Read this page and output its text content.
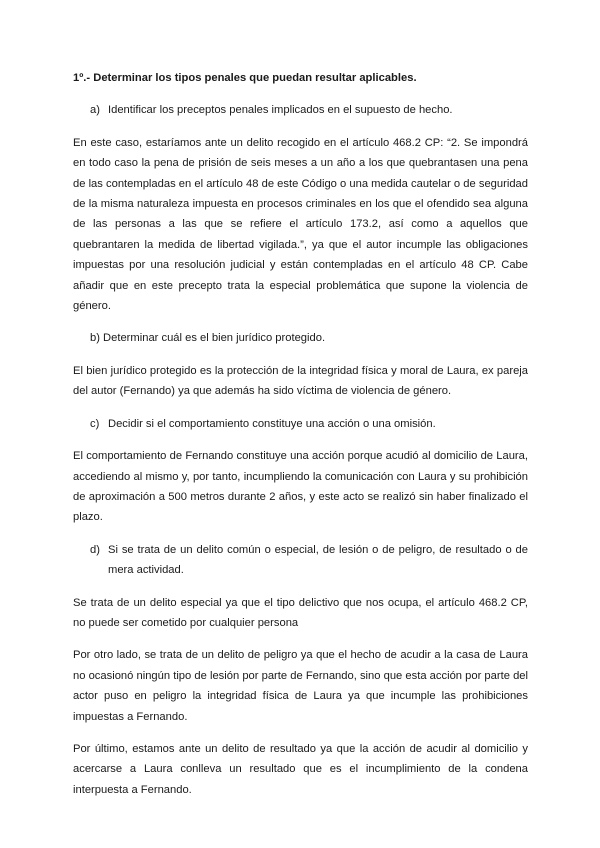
1º.- Determinar los tipos penales que puedan resultar aplicables.
a) Identificar los preceptos penales implicados en el supuesto de hecho.

En este caso, estaríamos ante un delito recogido en el artículo 468.2 CP: “2. Se impondrá en todo caso la pena de prisión de seis meses a un año a los que quebrantasen una pena de las contempladas en el artículo 48 de este Código o una medida cautelar o de seguridad de la misma naturaleza impuesta en procesos criminales en los que el ofendido sea alguna de las personas a las que se refiere el artículo 173.2, así como a aquellos que quebrantaren la medida de libertad vigilada.”, ya que el autor incumple las obligaciones impuestas por una resolución judicial y están contempladas en el artículo 48 CP. Cabe añadir que en este precepto trata la especial problemática que supone la violencia de género.

b) Determinar cuál es el bien jurídico protegido.

El bien jurídico protegido es la protección de la integridad física y moral de Laura, ex pareja del autor (Fernando) ya que además ha sido víctima de violencia de género.

c) Decidir si el comportamiento constituye una acción o una omisión.

El comportamiento de Fernando constituye una acción porque acudió al domicilio de Laura, accediendo al mismo y, por tanto, incumpliendo la comunicación con Laura y su prohibición de aproximación a 500 metros durante 2 años, y este acto se realizó sin haber finalizado el plazo.

d) Si se trata de un delito común o especial, de lesión o de peligro, de resultado o de mera actividad.

Se trata de un delito especial ya que el tipo delictivo que nos ocupa, el artículo 468.2 CP, no puede ser cometido por cualquier persona

Por otro lado, se trata de un delito de peligro ya que el hecho de acudir a la casa de Laura no ocasionó ningún tipo de lesión por parte de Fernando, sino que esta acción por parte del actor puso en peligro la integridad física de Laura ya que incumple las prohibiciones impuestas a Fernando.

Por último, estamos ante un delito de resultado ya que la acción de acudir al domicilio y acercarse a Laura conlleva un resultado que es el incumplimiento de la condena interpuesta a Fernando.
